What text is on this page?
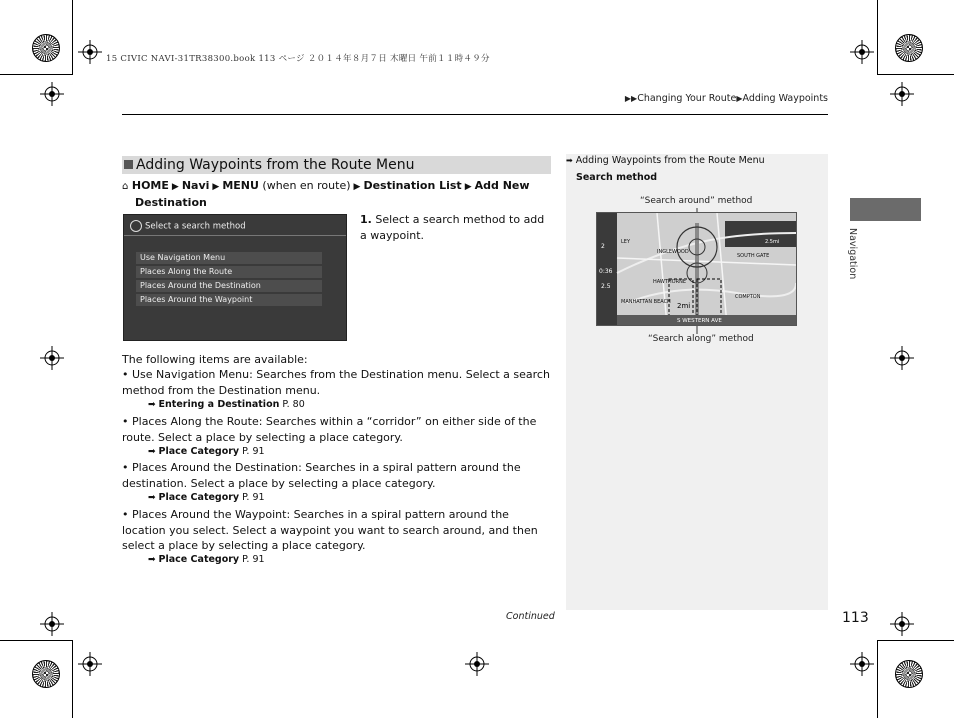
15 CIVIC NAVI-31TR38300.book 113 ページ ２０１４年８月７日 木曜日 午前１１時４９分
▶▶Changing Your Route▶Adding Waypoints
Navigation
Adding Waypoints from the Route Menu
⌂ HOME ▶ Navi ▶ MENU (when en route) ▶ Destination List ▶ Add New
Destination
Select a search method
Use Navigation Menu
Places Along the Route
Places Around the Destination
Places Around the Waypoint
1. Select a search method to add a waypoint.
The following items are available:
• Use Navigation Menu: Searches from the Destination menu. Select a search method from the Destination menu.
➡ Entering a Destination P. 80
• Places Along the Route: Searches within a “corridor” on either side of the route. Select a place by selecting a place category.
➡ Place Category P. 91
• Places Around the Destination: Searches in a spiral pattern around the destination. Select a place by selecting a place category.
➡ Place Category P. 91
• Places Around the Waypoint: Searches in a spiral pattern around the location you select. Select a waypoint you want to search around, and then select a place by selecting a place category.
➡ Place Category P. 91
➡ Adding Waypoints from the Route Menu
Search method
“Search around” method
2
0:36
2.5
2.5mi
SOUTH GATE
COMPTON
INGLEWOOD
HAWTHORNE
MANHATTAN BEACH
LEY
2mi
S WESTERN AVE
“Search along” method
Continued	113
